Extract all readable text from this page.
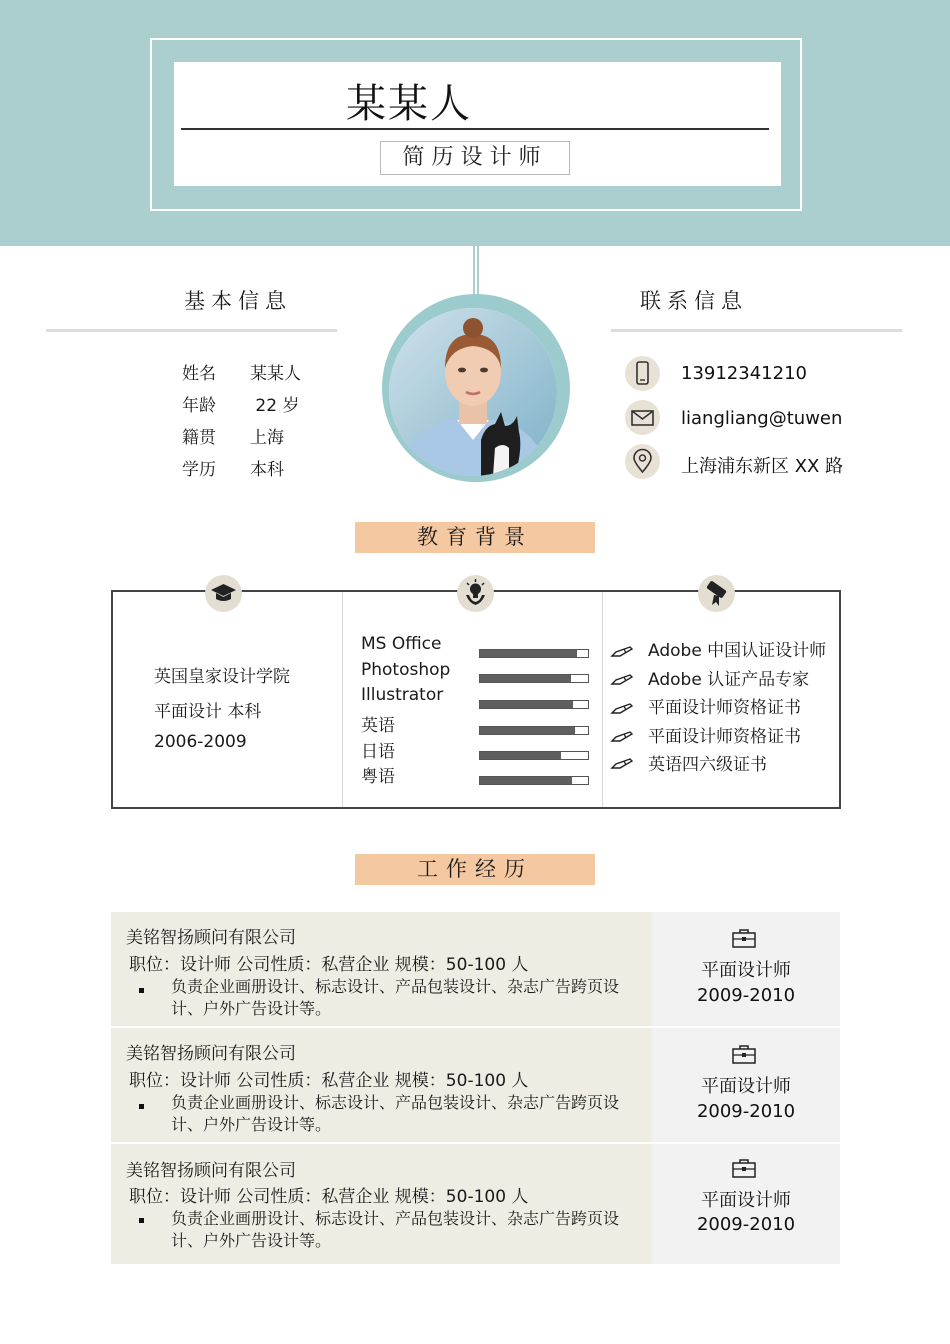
某某人
简历设计师
基本信息
姓名 某某人
年龄 22 岁
籍贯 上海
学历 本科
联系信息
13912341210
liangliang@tuwen
上海浦东新区 XX 路
教育背景
英国皇家设计学院
平面设计 本科
2006-2009
MS Office
Photoshop
Illustrator
英语
日语
粤语
Adobe 中国认证设计师
Adobe 认证产品专家
平面设计师资格证书
平面设计师资格证书
英语四六级证书
工作经历
美铭智扬顾问有限公司
职位：设计师 公司性质：私营企业 规模：50-100 人
负责企业画册设计、标志设计、产品包装设计、杂志广告跨页设计、户外广告设计等。
平面设计师
2009-2010
美铭智扬顾问有限公司
职位：设计师 公司性质：私营企业 规模：50-100 人
负责企业画册设计、标志设计、产品包装设计、杂志广告跨页设计、户外广告设计等。
平面设计师
2009-2010
美铭智扬顾问有限公司
职位：设计师 公司性质：私营企业 规模：50-100 人
负责企业画册设计、标志设计、产品包装设计、杂志广告跨页设计、户外广告设计等。
平面设计师
2009-2010
